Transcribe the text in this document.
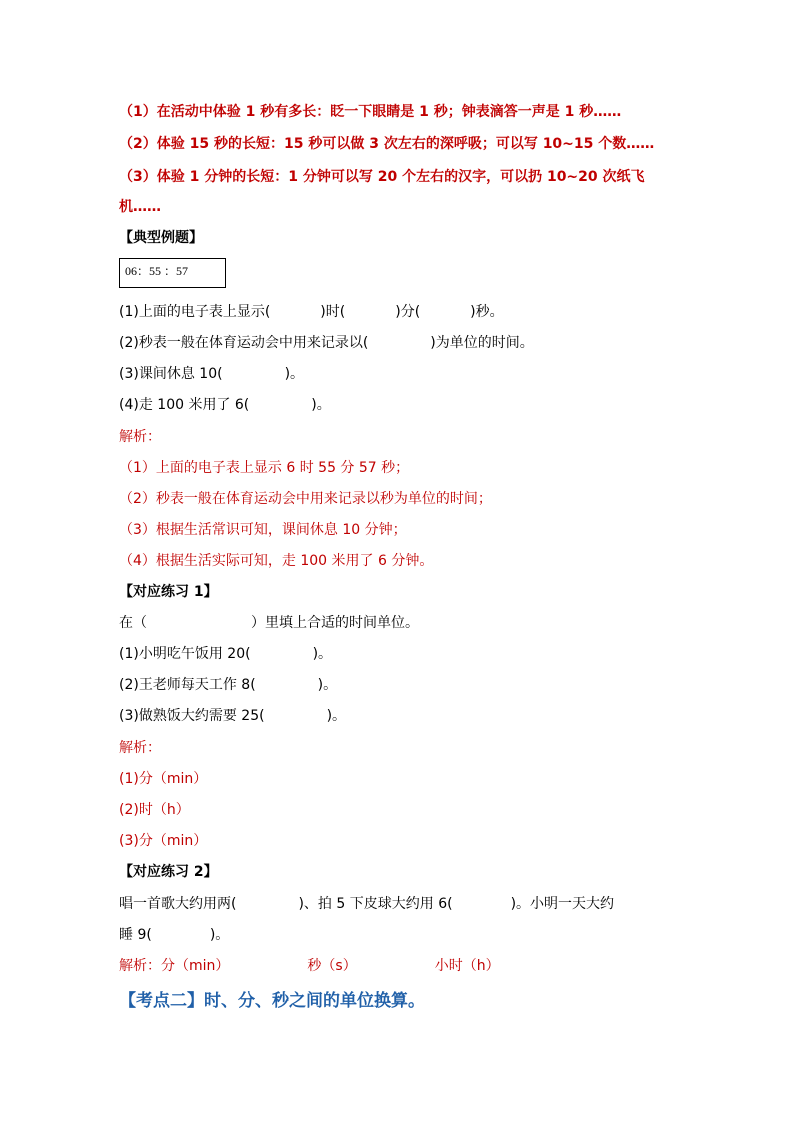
（1）在活动中体验 1 秒有多长：眨一下眼睛是 1 秒；钟表滴答一声是 1 秒……
（2）体验 15 秒的长短：15 秒可以做 3 次左右的深呼吸；可以写 10~15 个数……
（3）体验 1 分钟的长短：1 分钟可以写 20 个左右的汉字，可以扔 10~20 次纸飞
机……
【典型例题】
06：55 ：57
(1)上面的电子表上显示(	)时(	)分(	)秒。
(2)秒表一般在体育运动会中用来记录以(	)为单位的时间。
(3)课间休息 10(	)。
(4)走 100 米用了 6(	)。
解析：
（1）上面的电子表上显示 6 时 55 分 57 秒；
（2）秒表一般在体育运动会中用来记录以秒为单位的时间；
（3）根据生活常识可知，课间休息 10 分钟；
（4）根据生活实际可知，走 100 米用了 6 分钟。
【对应练习 1】
在（	）里填上合适的时间单位。
(1)小明吃午饭用 20(	)。
(2)王老师每天工作 8(	)。
(3)做熟饭大约需要 25(	)。
解析：
(1)分（min）
(2)时（h）
(3)分（min）
【对应练习 2】
唱一首歌大约用两(	)、拍 5 下皮球大约用 6(	)。小明一天大约
睡 9(	)。
解析：分（min）	秒（s）	小时（h）
【考点二】时、分、秒之间的单位换算。
